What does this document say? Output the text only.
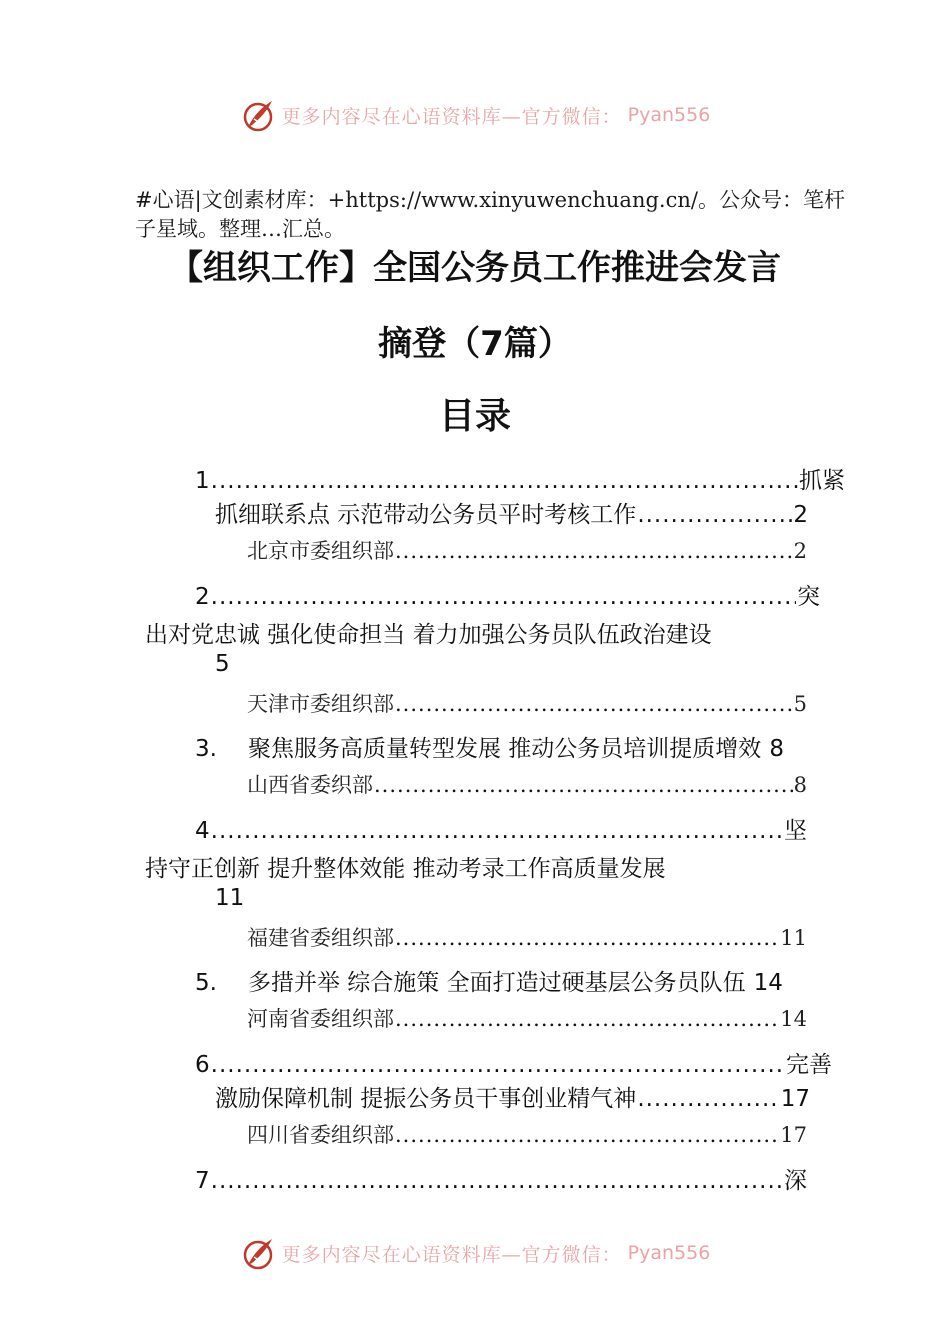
更多内容尽在心语资料库—官方微信： Pyan556
#心语|文创素材库：+https://www.xinyuwenchuang.cn/。公众号：笔杆子星域。整理…汇总。
【组织工作】全国公务员工作推进会发言
摘登（7篇）
目录
1 .....	抓紧
抓细联系点 示范带动公务员平时考核工作 .....	2
北京市委组织部 .....	2
2 .....	突
出对党忠诚 强化使命担当 着力加强公务员队伍政治建设
5
天津市委组织部 .....	5
3.	聚焦服务高质量转型发展 推动公务员培训提质增效 8
山西省委织部 .....	8
4 .....	坚
持守正创新 提升整体效能 推动考录工作高质量发展
11
福建省委组织部 .....	11
5.	多措并举 综合施策 全面打造过硬基层公务员队伍 14
河南省委组织部 .....	14
6 .....	完善
激励保障机制 提振公务员干事创业精气神 .....	17
四川省委组织部 .....	17
7 .....	深
更多内容尽在心语资料库—官方微信： Pyan556
